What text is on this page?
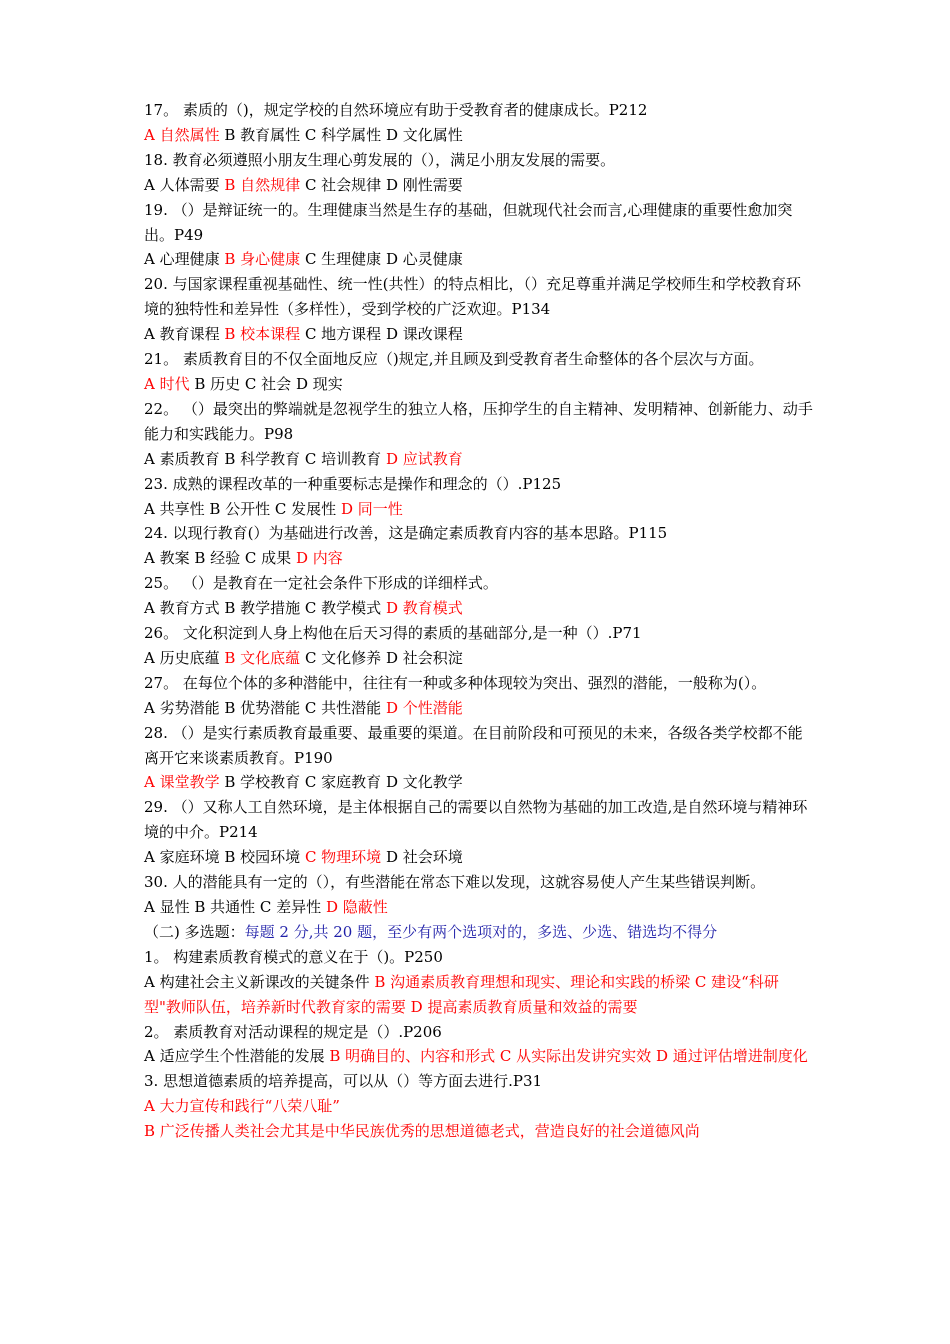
17。 素质的（)，规定学校的自然环境应有助于受教育者的健康成长。P212
A 自然属性 B 教育属性 C 科学属性 D 文化属性
18. 教育必须遵照小朋友生理心剪发展的（），满足小朋友发展的需要。
A 人体需要 B 自然规律 C 社会规律 D 刚性需要
19. （）是辩证统一的。生理健康当然是生存的基础，但就现代社会而言,心理健康的重要性愈加突出。P49
A 心理健康 B 身心健康 C 生理健康 D 心灵健康
20. 与国家课程重视基础性、统一性(共性）的特点相比，（）充足尊重并满足学校师生和学校教育环境的独特性和差异性（多样性），受到学校的广泛欢迎。P134
A 教育课程 B 校本课程 C 地方课程 D 课改课程
21。 素质教育目的不仅全面地反应（)规定,并且顾及到受教育者生命整体的各个层次与方面。
A 时代 B 历史 C 社会 D 现实
22。 （）最突出的弊端就是忽视学生的独立人格，压抑学生的自主精神、发明精神、创新能力、动手能力和实践能力。P98
A 素质教育 B 科学教育 C 培训教育 D 应试教育
23. 成熟的课程改革的一种重要标志是操作和理念的（）.P125
A 共享性 B 公开性 C 发展性 D 同一性
24. 以现行教育(）为基础进行改善，这是确定素质教育内容的基本思路。P115
A 教案 B 经验 C 成果 D 内容
25。 （）是教育在一定社会条件下形成的详细样式。
A 教育方式 B 教学措施 C 教学模式 D 教育模式
26。 文化积淀到人身上构他在后天习得的素质的基础部分,是一种（）.P71
A 历史底蕴 B 文化底蕴 C 文化修养 D 社会积淀
27。 在每位个体的多种潜能中，往往有一种或多种体现较为突出、强烈的潜能，一般称为(）。
A 劣势潜能 B 优势潜能 C 共性潜能 D 个性潜能
28. （）是实行素质教育最重要、最重要的渠道。在目前阶段和可预见的未来，各级各类学校都不能离开它来谈素质教育。P190
A 课堂教学 B 学校教育 C 家庭教育 D 文化教学
29. （）又称人工自然环境，是主体根据自己的需要以自然物为基础的加工改造,是自然环境与精神环境的中介。P214
A 家庭环境 B 校园环境 C 物理环境 D 社会环境
30. 人的潜能具有一定的（），有些潜能在常态下难以发现，这就容易使人产生某些错误判断。
A 显性 B 共通性 C 差异性 D 隐蔽性
（二) 多选题：每题 2 分,共 20 题，至少有两个选项对的，多选、少选、错选均不得分
1。 构建素质教育模式的意义在于（)。P250
A 构建社会主义新课改的关键条件 B 沟通素质教育理想和现实、理论和实践的桥梁 C 建设“科研型"教师队伍，培养新时代教育家的需要 D 提高素质教育质量和效益的需要
2。 素质教育对活动课程的规定是（）.P206
A 适应学生个性潜能的发展 B 明确目的、内容和形式 C 从实际出发讲究实效 D 通过评估增进制度化
3. 思想道德素质的培养提高，可以从（）等方面去进行.P31
A 大力宣传和践行“八荣八耻”
B 广泛传播人类社会尤其是中华民族优秀的思想道德老式，营造良好的社会道德风尚
